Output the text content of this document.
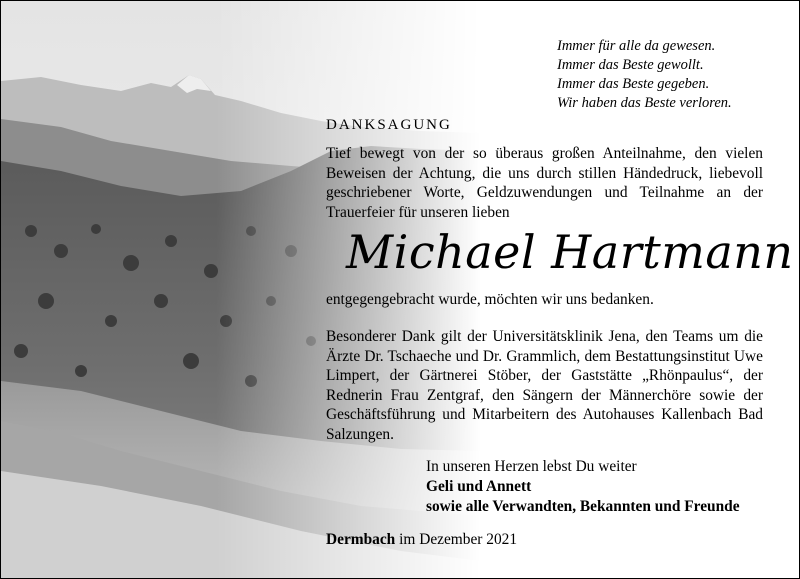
Immer für alle da gewesen.
Immer das Beste gewollt.
Immer das Beste gegeben.
Wir haben das Beste verloren.
DANKSAGUNG
Tief bewegt von der so überaus großen Anteilnahme, den vielen Beweisen der Achtung, die uns durch stillen Händedruck, liebevoll geschriebener Worte, Geldzuwendungen und Teilnahme an der Trauerfeier für unseren lieben
Michael Hartmann
entgegengebracht wurde, möchten wir uns bedanken.
Besonderer Dank gilt der Universitätsklinik Jena, den Teams um die Ärzte Dr. Tschaeche und Dr. Grammlich, dem Bestattungsinstitut Uwe Limpert, der Gärtnerei Stöber, der Gaststätte „Rhönpaulus“, der Rednerin Frau Zentgraf, den Sängern der Männerchöre sowie der Geschäftsführung und Mitarbeitern des Autohauses Kallenbach Bad Salzungen.
In unseren Herzen lebst Du weiter
Geli und Annett
sowie alle Verwandten, Bekannten und Freunde
Dermbach im Dezember 2021
